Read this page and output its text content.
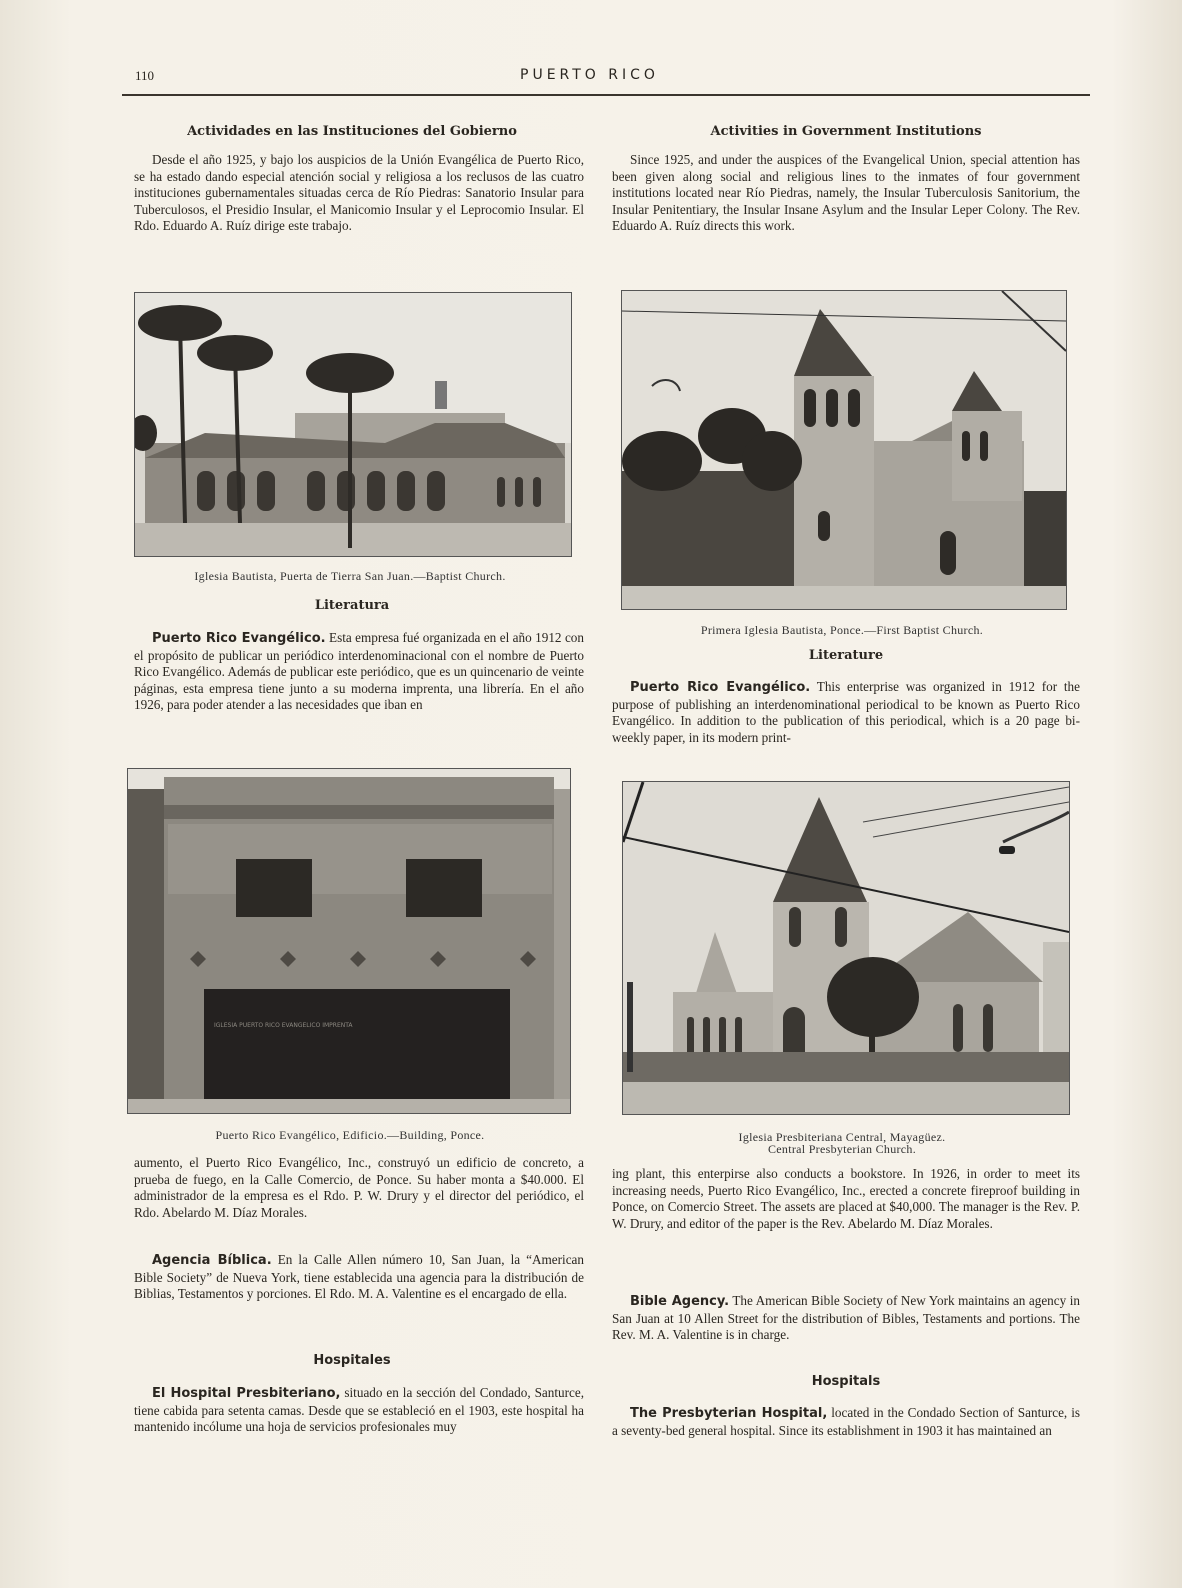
110	PUERTO RICO
Actividades en las Instituciones del Gobierno

Desde el año 1925, y bajo los auspicios de la Unión Evangélica de Puerto Rico, se ha estado dando especial atención social y religiosa a los reclusos de las cuatro instituciones gubernamentales situadas cerca de Río Piedras: Sanatorio Insular para Tuberculosos, el Presidio Insular, el Manicomio Insular y el Leprocomio Insular. El Rdo. Eduardo A. Ruíz dirige este trabajo.

Iglesia Bautista, Puerta de Tierra San Juan.—Baptist Church.
Literatura

Puerto Rico Evangélico. Esta empresa fué organizada en el año 1912 con el propósito de publicar un periódico interdenominacional con el nombre de Puerto Rico Evangélico. Además de publicar este periódico, que es un quincenario de veinte páginas, esta empresa tiene junto a su moderna imprenta, una librería. En el año 1926, para poder atender a las necesidades que iban en

IGLESIA PUERTO RICO EVANGELICO IMPRENTA
Puerto Rico Evangélico, Edificio.—Building, Ponce.

aumento, el Puerto Rico Evangélico, Inc., construyó un edificio de concreto, a prueba de fuego, en la Calle Comercio, de Ponce. Su haber monta a $40.000. El administrador de la empresa es el Rdo. P. W. Drury y el director del periódico, el Rdo. Abelardo M. Díaz Morales.

Agencia Bíblica. En la Calle Allen número 10, San Juan, la “American Bible Society” de Nueva York, tiene establecida una agencia para la distribución de Biblias, Testamentos y porciones. El Rdo. M. A. Valentine es el encargado de ella.

Hospitales

El Hospital Presbiteriano, situado en la sección del Condado, Santurce, tiene cabida para setenta camas. Desde que se estableció en el 1903, este hospital ha mantenido incólume una hoja de servicios profesionales muy

Activities in Government Institutions

Since 1925, and under the auspices of the Evangelical Union, special attention has been given along social and religious lines to the inmates of four government institutions located near Río Piedras, namely, the Insular Tuberculosis Sanitorium, the Insular Penitentiary, the Insular Insane Asylum and the Insular Leper Colony. The Rev. Eduardo A. Ruíz directs this work.

Primera Iglesia Bautista, Ponce.—First Baptist Church.
Literature

Puerto Rico Evangélico. This enterprise was organized in 1912 for the purpose of publishing an interdenominational periodical to be known as Puerto Rico Evangélico. In addition to the publication of this periodical, which is a 20 page bi-weekly paper, in its modern print-

Iglesia Presbiteriana Central, Mayagüez.
Central Presbyterian Church.

ing plant, this enterpirse also conducts a bookstore. In 1926, in order to meet its increasing needs, Puerto Rico Evangélico, Inc., erected a concrete fireproof building in Ponce, on Comercio Street. The assets are placed at $40,000. The manager is the Rev. P. W. Drury, and editor of the paper is the Rev. Abelardo M. Díaz Morales.

Bible Agency. The American Bible Society of New York maintains an agency in San Juan at 10 Allen Street for the distribution of Bibles, Testaments and portions. The Rev. M. A. Valentine is in charge.

Hospitals

The Presbyterian Hospital, located in the Condado Section of Santurce, is a seventy-bed general hospital. Since its establishment in 1903 it has maintained an
